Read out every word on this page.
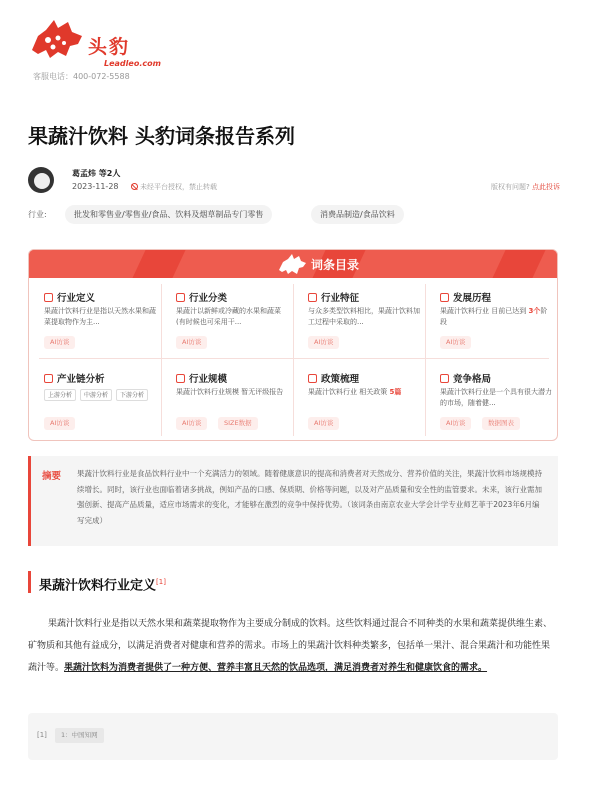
头豹
Leadleo.com
客服电话：400-072-5588
果蔬汁饮料 头豹词条报告系列
葛孟炜 等2人
2023-11-28	未经平台授权，禁止转载	版权有问题? 点此投诉
行业:	批发和零售业/零售业/食品、饮料及烟草制品专门零售	消费品制造/食品饮料
词条目录
行业定义
果蔬汁饮料行业是指以天然水果和蔬菜提取物作为主...
AI访谈
行业分类
果蔬汁以新鲜或冷藏的水果和蔬菜(有时候也可采用干...
AI访谈
行业特征
与众多类型饮料相比，果蔬汁饮料加工过程中采取的...
AI访谈
发展历程
果蔬汁饮料行业 目前已达到 3个阶段
AI访谈
产业链分析
上游分析	中游分析	下游分析
AI访谈
行业规模
果蔬汁饮料行业规模 暂无评级报告
AI访谈	SIZE数据
政策梳理
果蔬汁饮料行业 相关政策 5篇
AI访谈
竞争格局
果蔬汁饮料行业是一个具有很大潜力的市场，随着健...
AI访谈	数据图表
摘要 果蔬汁饮料行业是食品饮料行业中一个充满活力的领域。随着健康意识的提高和消费者对天然成分、营养价值的关注，果蔬汁饮料市场规模持续增长。同时，该行业也面临着诸多挑战，例如产品的口感、保质期、价格等问题，以及对产品质量和安全性的监管要求。未来，该行业需加强创新、提高产品质量，适应市场需求的变化，才能够在激烈的竞争中保持优势。（该词条由南京农业大学会计学专业师艺菲于2023年6月编写完成）
果蔬汁饮料行业定义[1]
果蔬汁饮料行业是指以天然水果和蔬菜提取物作为主要成分制成的饮料。这些饮料通过混合不同种类的水果和蔬菜提供维生素、矿物质和其他有益成分，以满足消费者对健康和营养的需求。市场上的果蔬汁饮料种类繁多，包括单一果汁、混合果蔬汁和功能性果蔬汁等。果蔬汁饮料为消费者提供了一种方便、营养丰富且天然的饮品选项，满足消费者对养生和健康饮食的需求。
[1]	1：中国知网
